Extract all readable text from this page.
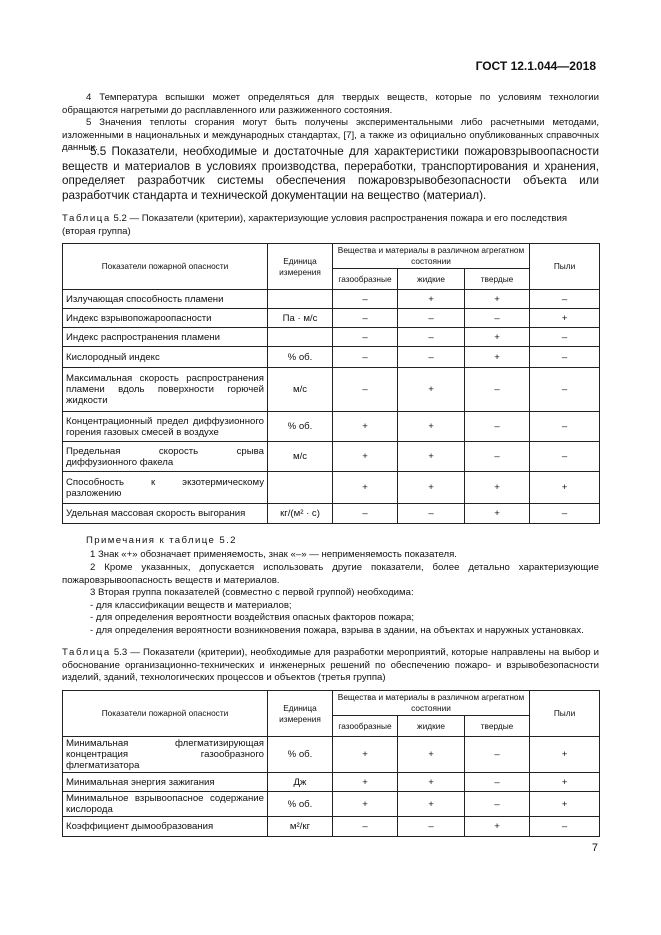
ГОСТ 12.1.044—2018

4 Температура вспышки может определяться для твердых веществ, которые по условиям технологии обращаются нагретыми до расплавленного или разжиженного состояния.

5 Значения теплоты сгорания могут быть получены экспериментальными либо расчетными методами, изложенными в национальных и международных стандартах, [7], а также из официально опубликованных справочных данных.

5.5 Показатели, необходимые и достаточные для характеристики пожаровзрывоопасности веществ и материалов в условиях производства, переработки, транспортирования и хранения, определяет разработчик системы обеспечения пожаровзрывобезопасности объекта или разработчик стандарта и технической документации на вещество (материал).

Таблица 5.2 — Показатели (критерии), характеризующие условия распространения пожара и его последствия (вторая группа)

Показатели пожарной опасности	Единица измерения	Вещества и материалы в различном агрегатном состоянии			Пыли
		газообразные	жидкие	твердые	
Излучающая способность пламени		–	+	+	–
Индекс взрывопожароопасности	Па · м/с	–	–	–	+
Индекс распространения пламени		–	–	+	–
Кислородный индекс	% об.	–	–	+	–
Максимальная скорость распространения пламени вдоль поверхности горючей жидкости	м/с	–	+	–	–
Концентрационный предел диффузионного горения газовых смесей в воздухе	% об.	+	+	–	–
Предельная скорость срыва диффузионного факела	м/с	+	+	–	–
Способность к экзотермическому разложению		+	+	+	+
Удельная массовая скорость выгорания	кг/(м² · с)	–	–	+	–
Примечания к таблице 5.2

1 Знак «+» обозначает применяемость, знак «–» — неприменяемость показателя.

2 Кроме указанных, допускается использовать другие показатели, более детально характеризующие пожаровзрывоопасность веществ и материалов.

3 Вторая группа показателей (совместно с первой группой) необходима:

- для классификации веществ и материалов;

- для определения вероятности воздействия опасных факторов пожара;

- для определения вероятности возникновения пожара, взрыва в здании, на объектах и наружных установках.

Таблица 5.3 — Показатели (критерии), необходимые для разработки мероприятий, которые направлены на выбор и обоснование организационно-технических и инженерных решений по обеспечению пожаро- и взрывобезопасности изделий, зданий, технологических процессов и объектов (третья группа)

Показатели пожарной опасности	Единица измерения	Вещества и материалы в различном агрегатном состоянии			Пыли
		газообразные	жидкие	твердые	
Минимальная флегматизирующая концентрация газообразного флегматизатора	% об.	+	+	–	+
Минимальная энергия зажигания	Дж	+	+	–	+
Минимальное взрывоопасное содержание кислорода	% об.	+	+	–	+
Коэффициент дымообразования	м²/кг	–	–	+	–
7
